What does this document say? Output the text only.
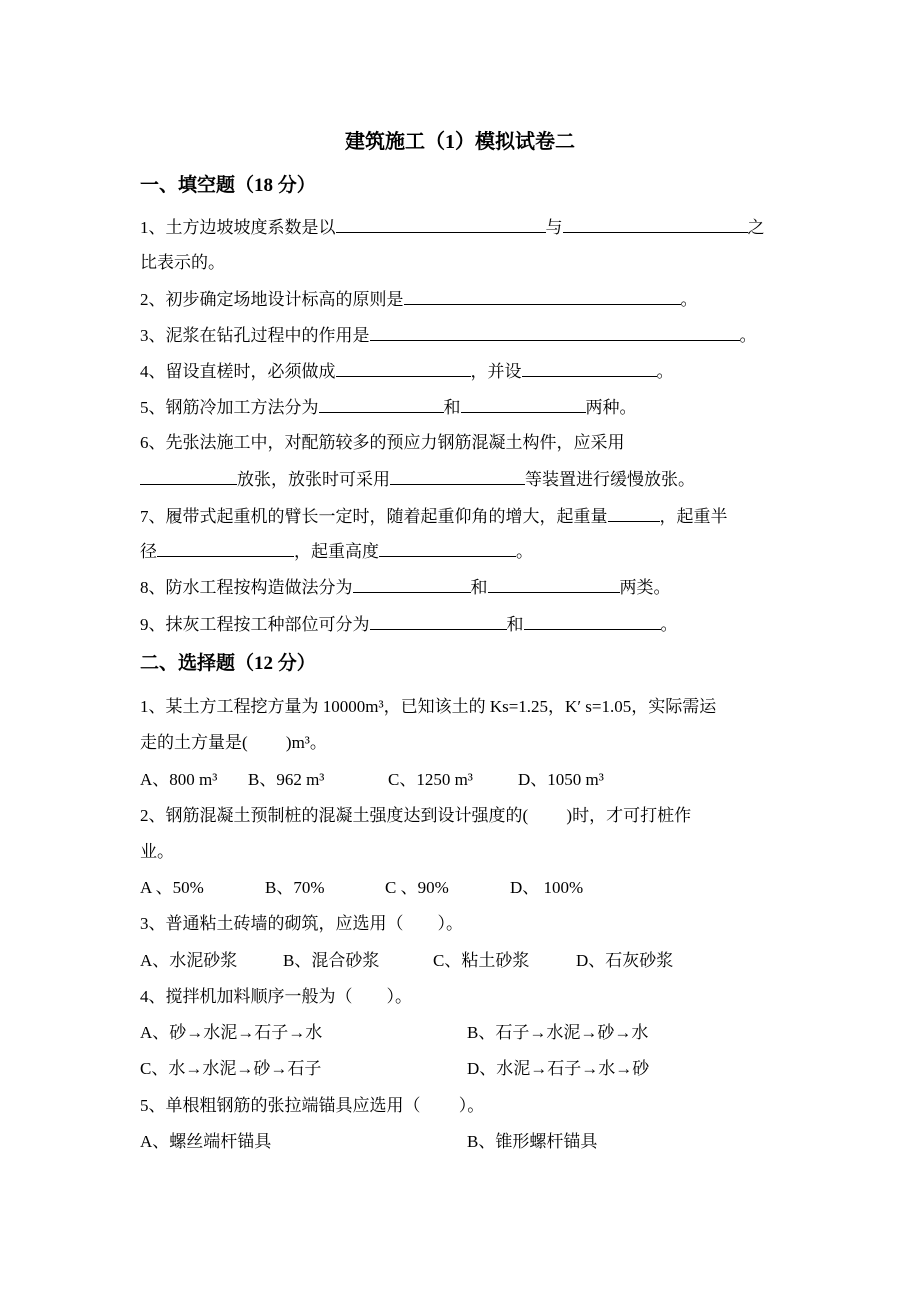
建筑施工（1）模拟试卷二
一、填空题（18 分）
1、土方边坡坡度系数是以	与	之
比表示的。
2、初步确定场地设计标高的原则是	。
3、泥浆在钻孔过程中的作用是	。
4、留设直槎时，必须做成	，并设	。
5、钢筋冷加工方法分为	和	两种。
6、先张法施工中，对配筋较多的预应力钢筋混凝土构件，应采用
放张，放张时可采用	等装置进行缓慢放张。
7、履带式起重机的臂长一定时，随着起重仰角的增大，起重量	，起重半
径	，起重高度	。
8、防水工程按构造做法分为	和	两类。
9、抹灰工程按工种部位可分为	和	。
二、选择题（12 分）
1、某土方工程挖方量为 10000m³，已知该土的 Ks=1.25，K′ s=1.05，实际需运
走的土方量是(　　 )m³。
A、800 m³ B、962 m³	C、1250 m³	D、1050 m³
2、钢筋混凝土预制桩的混凝土强度达到设计强度的(　　 )时，才可打桩作
业。
A 、50%	B、70%	C 、90%	D、 100%
3、普通粘土砖墙的砌筑，应选用（　　）。
A、水泥砂浆	B、混合砂浆	C、粘土砂浆	D、石灰砂浆
4、搅拌机加料顺序一般为（　　）。
A、砂→水泥→石子→水	B、石子→水泥→砂→水
C、水→水泥→砂→石子	D、水泥→石子→水→砂
5、单根粗钢筋的张拉端锚具应选用（　　 ）。
A、螺丝端杆锚具	B、锥形螺杆锚具
